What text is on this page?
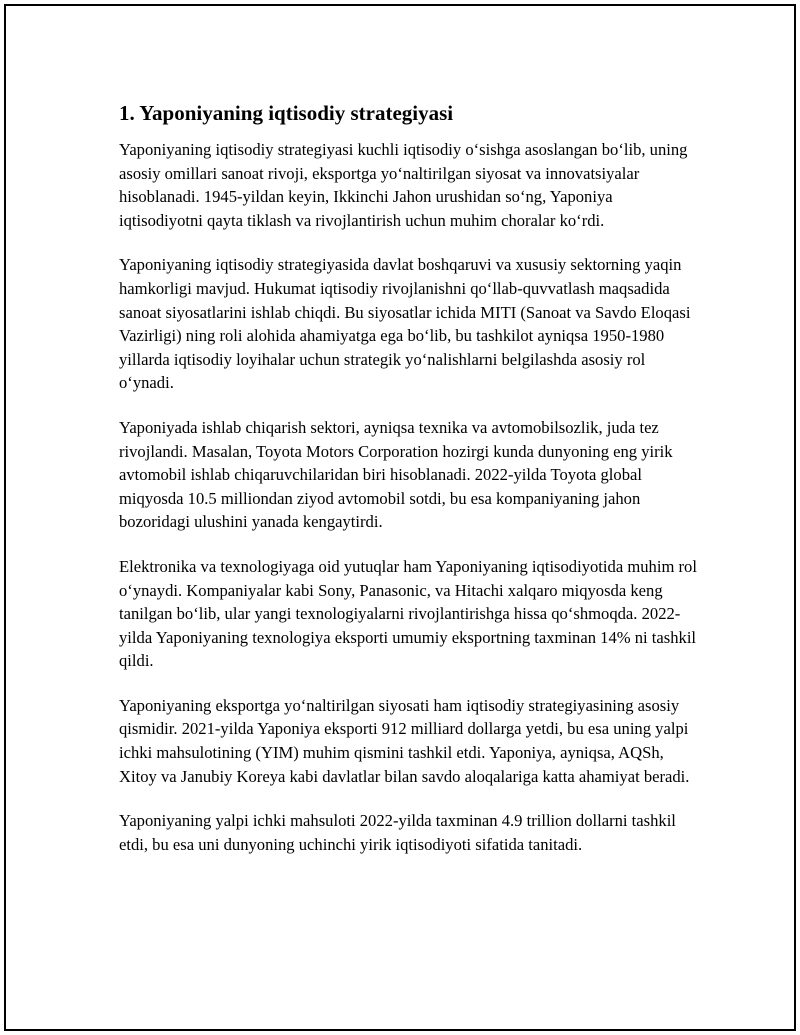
1. Yaponiyaning iqtisodiy strategiyasi

Yaponiyaning iqtisodiy strategiyasi kuchli iqtisodiy o‘sishga asoslangan bo‘lib, uning asosiy omillari sanoat rivoji, eksportga yo‘naltirilgan siyosat va innovatsiyalar hisoblanadi. 1945-yildan keyin, Ikkinchi Jahon urushidan so‘ng, Yaponiya iqtisodiyotni qayta tiklash va rivojlantirish uchun muhim choralar ko‘rdi.

Yaponiyaning iqtisodiy strategiyasida davlat boshqaruvi va xususiy sektorning yaqin hamkorligi mavjud. Hukumat iqtisodiy rivojlanishni qo‘llab-quvvatlash maqsadida sanoat siyosatlarini ishlab chiqdi. Bu siyosatlar ichida MITI (Sanoat va Savdo Eloqasi Vazirligi) ning roli alohida ahamiyatga ega bo‘lib, bu tashkilot ayniqsa 1950-1980 yillarda iqtisodiy loyihalar uchun strategik yo‘nalishlarni belgilashda asosiy rol o‘ynadi.

Yaponiyada ishlab chiqarish sektori, ayniqsa texnika va avtomobilsozlik, juda tez rivojlandi. Masalan, Toyota Motors Corporation hozirgi kunda dunyoning eng yirik avtomobil ishlab chiqaruvchilaridan biri hisoblanadi. 2022-yilda Toyota global miqyosda 10.5 milliondan ziyod avtomobil sotdi, bu esa kompaniyaning jahon bozoridagi ulushini yanada kengaytirdi.

Elektronika va texnologiyaga oid yutuqlar ham Yaponiyaning iqtisodiyotida muhim rol o‘ynaydi. Kompaniyalar kabi Sony, Panasonic, va Hitachi xalqaro miqyosda keng tanilgan bo‘lib, ular yangi texnologiyalarni rivojlantirishga hissa qo‘shmoqda. 2022-yilda Yaponiyaning texnologiya eksporti umumiy eksportning taxminan 14% ni tashkil qildi.

Yaponiyaning eksportga yo‘naltirilgan siyosati ham iqtisodiy strategiyasining asosiy qismidir. 2021-yilda Yaponiya eksporti 912 milliard dollarga yetdi, bu esa uning yalpi ichki mahsulotining (YIM) muhim qismini tashkil etdi. Yaponiya, ayniqsa, AQSh, Xitoy va Janubiy Koreya kabi davlatlar bilan savdo aloqalariga katta ahamiyat beradi.

Yaponiyaning yalpi ichki mahsuloti 2022-yilda taxminan 4.9 trillion dollarni tashkil etdi, bu esa uni dunyoning uchinchi yirik iqtisodiyoti sifatida tanitadi.
